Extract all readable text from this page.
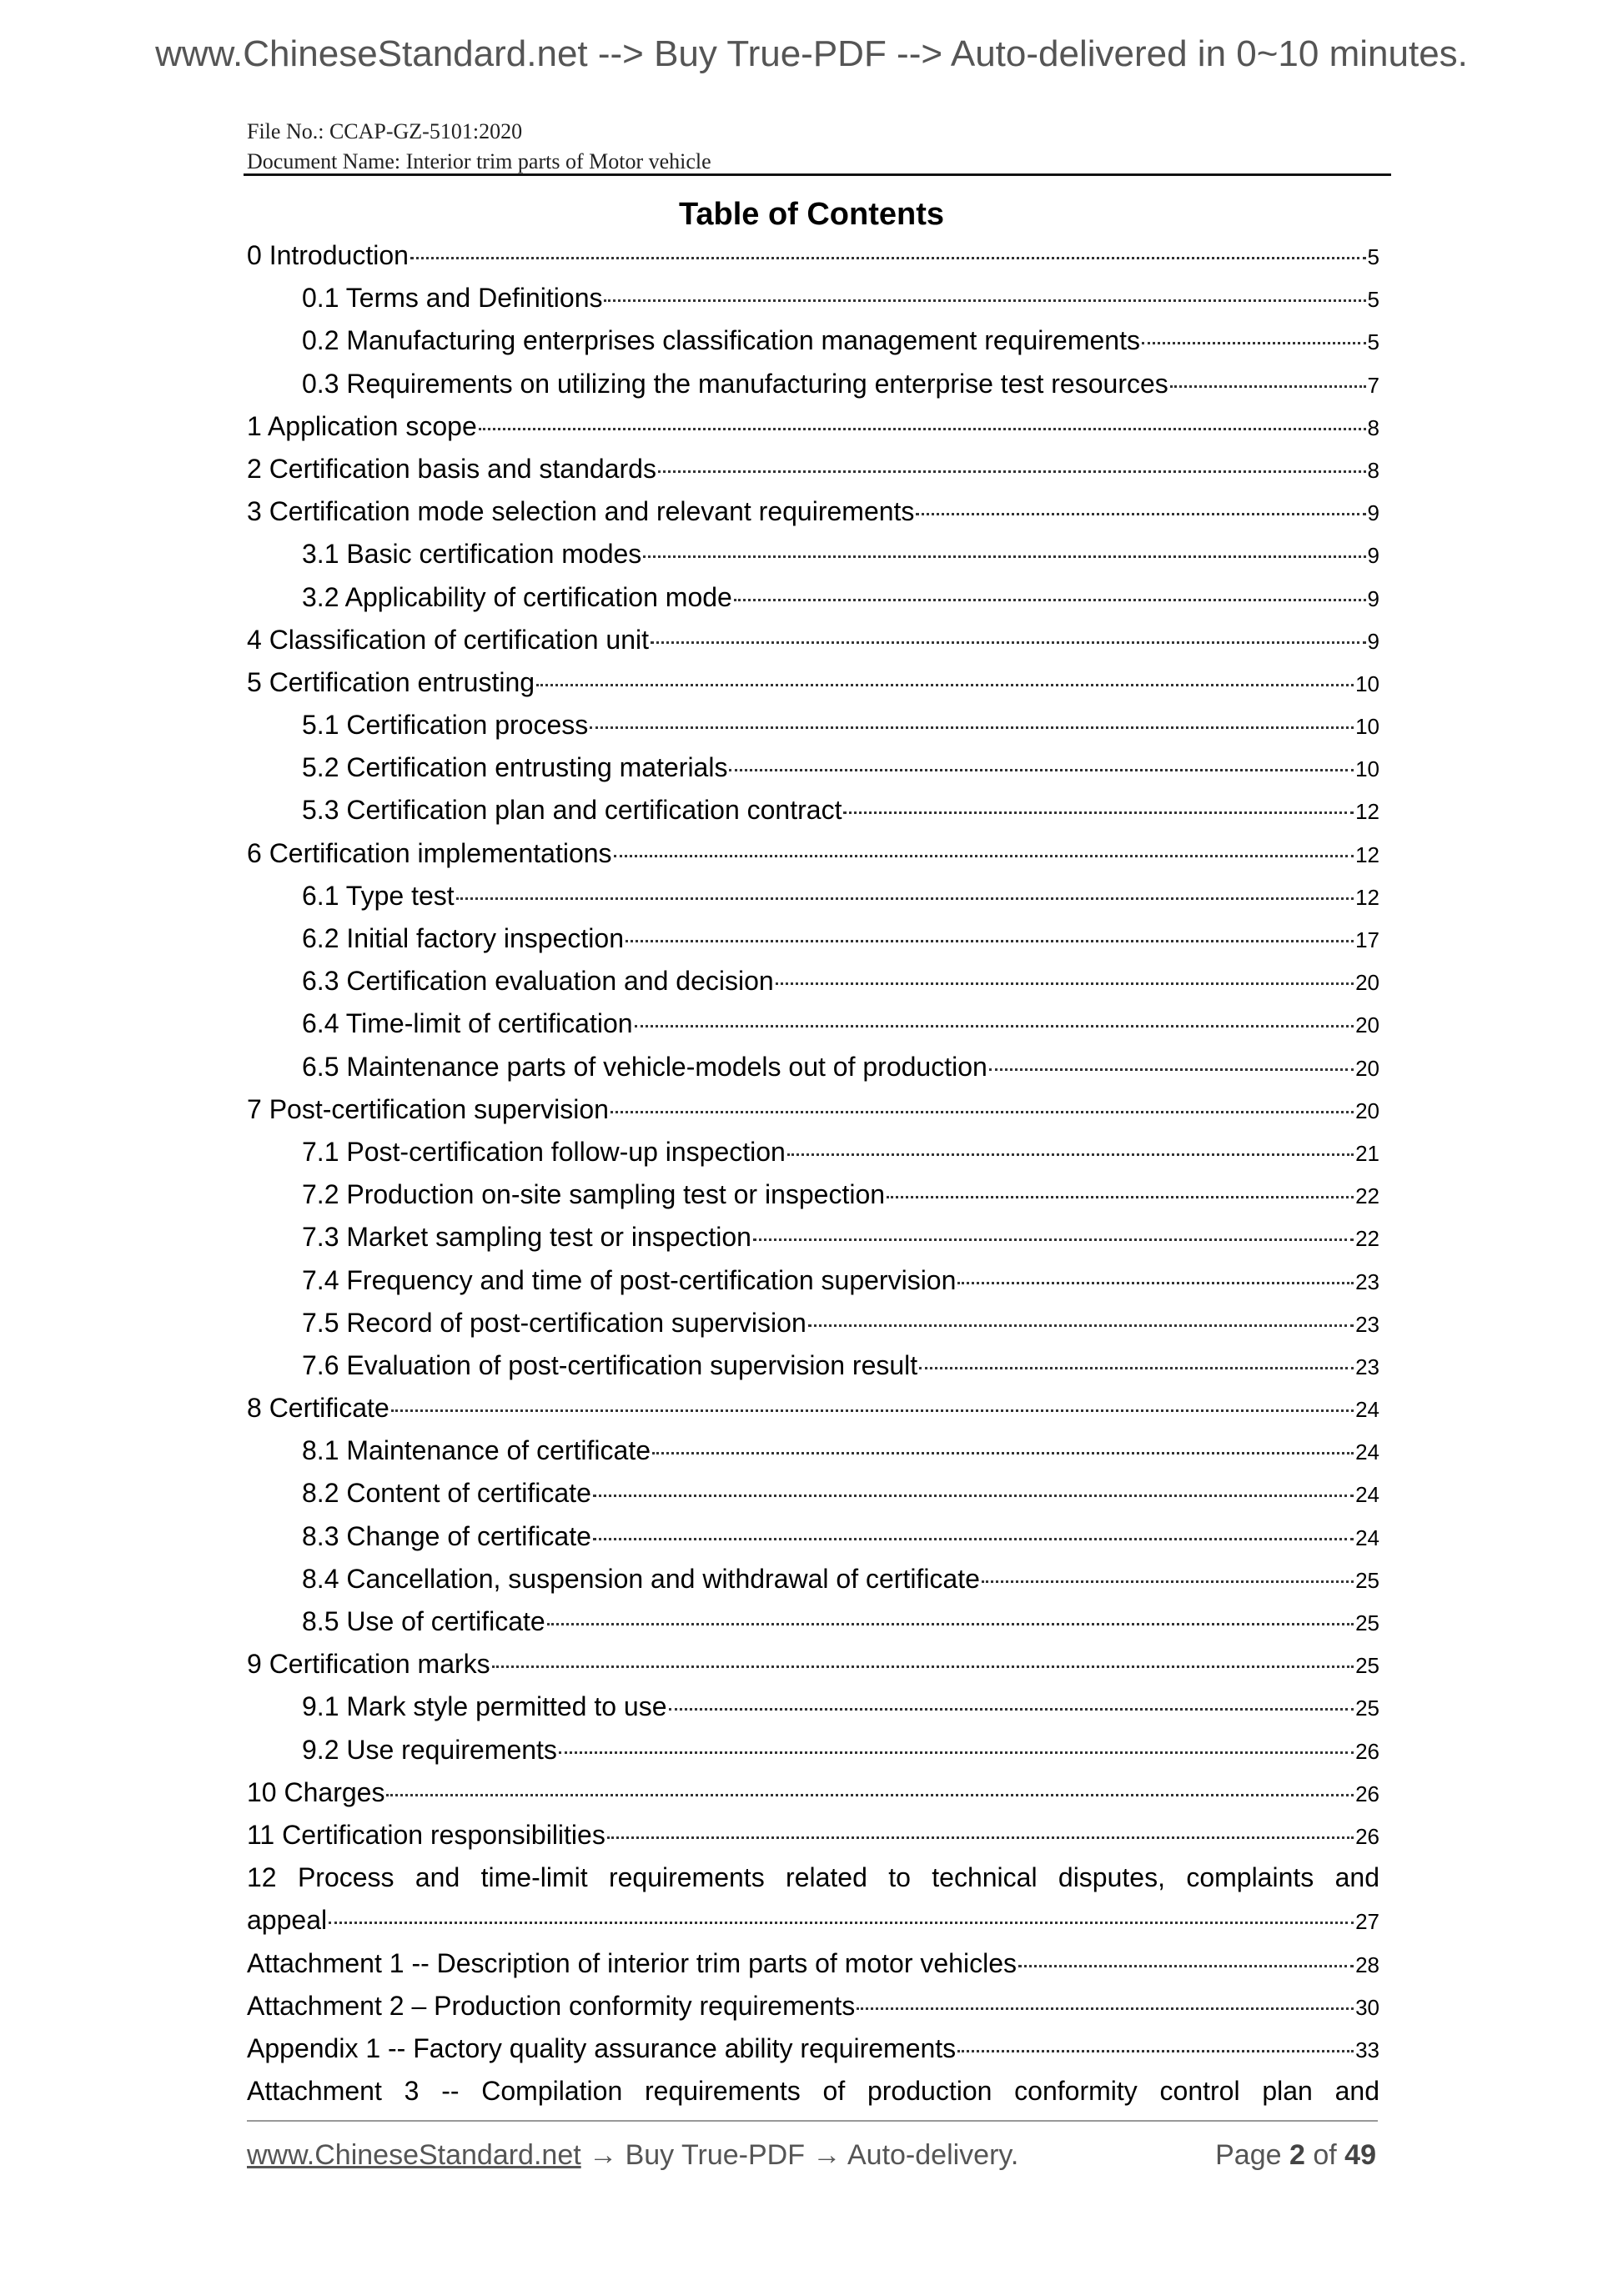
www.ChineseStandard.net --> Buy True-PDF --> Auto-delivered in 0~10 minutes.
File No.: CCAP-GZ-5101:2020
Document Name: Interior trim parts of Motor vehicle
Table of Contents
0 Introduction	5
0.1 Terms and Definitions	5
0.2 Manufacturing enterprises classification management requirements	5
0.3 Requirements on utilizing the manufacturing enterprise test resources	7
1 Application scope	8
2 Certification basis and standards	8
3 Certification mode selection and relevant requirements	9
3.1 Basic certification modes	9
3.2 Applicability of certification mode	9
4 Classification of certification unit	9
5 Certification entrusting	10
5.1 Certification process	10
5.2 Certification entrusting materials	10
5.3 Certification plan and certification contract	12
6 Certification implementations	12
6.1 Type test	12
6.2 Initial factory inspection	17
6.3 Certification evaluation and decision	20
6.4 Time-limit of certification	20
6.5 Maintenance parts of vehicle-models out of production	20
7 Post-certification supervision	20
7.1 Post-certification follow-up inspection	21
7.2 Production on-site sampling test or inspection	22
7.3 Market sampling test or inspection	22
7.4 Frequency and time of post-certification supervision	23
7.5 Record of post-certification supervision	23
7.6 Evaluation of post-certification supervision result	23
8 Certificate	24
8.1 Maintenance of certificate	24
8.2 Content of certificate	24
8.3 Change of certificate	24
8.4 Cancellation, suspension and withdrawal of certificate	25
8.5 Use of certificate	25
9 Certification marks	25
9.1 Mark style permitted to use	25
9.2 Use requirements	26
10 Charges	26
11 Certification responsibilities	26
12 Process and time-limit requirements related to technical disputes, complaints and
appeal	27
Attachment 1 -- Description of interior trim parts of motor vehicles	28
Attachment 2 – Production conformity requirements	30
Appendix 1 -- Factory quality assurance ability requirements	33
Attachment 3 -- Compilation requirements of production conformity control plan and
www.ChineseStandard.net → Buy True-PDF → Auto-delivery.	Page 2 of 49
